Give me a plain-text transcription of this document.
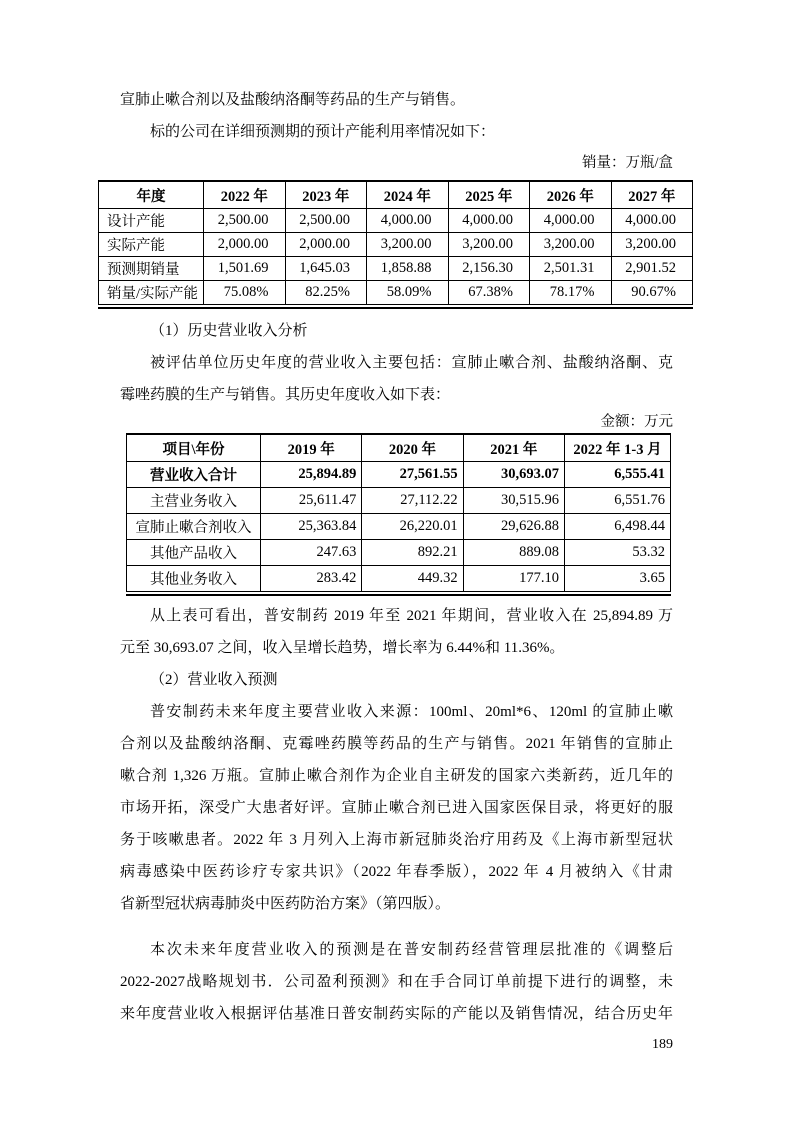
宣肺止嗽合剂以及盐酸纳洛酮等药品的生产与销售。

标的公司在详细预测期的预计产能利用率情况如下：

销量：万瓶/盒
年度	2022 年	2023 年	2024 年	2025 年	2026 年	2027 年
设计产能	2,500.00	2,500.00	4,000.00	4,000.00	4,000.00	4,000.00
实际产能	2,000.00	2,000.00	3,200.00	3,200.00	3,200.00	3,200.00
预测期销量	1,501.69	1,645.03	1,858.88	2,156.30	2,501.31	2,901.52
销量/实际产能	75.08%	82.25%	58.09%	67.38%	78.17%	90.67%

（1）历史营业收入分析

被评估单位历史年度的营业收入主要包括：宣肺止嗽合剂、盐酸纳洛酮、克

霉唑药膜的生产与销售。其历史年度收入如下表：

金额：万元
项目\年份	2019 年	2020 年	2021 年	2022 年 1-3 月
营业收入合计	25,894.89	27,561.55	30,693.07	6,555.41
主营业务收入	25,611.47	27,112.22	30,515.96	6,551.76
宣肺止嗽合剂收入	25,363.84	26,220.01	29,626.88	6,498.44
其他产品收入	247.63	892.21	889.08	53.32
其他业务收入	283.42	449.32	177.10	3.65

从上表可看出，普安制药 2019 年至 2021 年期间，营业收入在 25,894.89 万

元至 30,693.07 之间，收入呈增长趋势，增长率为 6.44%和 11.36%。

（2）营业收入预测

普安制药未来年度主要营业收入来源：100ml、20ml*6、120ml 的宣肺止嗽

合剂以及盐酸纳洛酮、克霉唑药膜等药品的生产与销售。2021 年销售的宣肺止

嗽合剂 1,326 万瓶。宣肺止嗽合剂作为企业自主研发的国家六类新药，近几年的

市场开拓，深受广大患者好评。宣肺止嗽合剂已进入国家医保目录，将更好的服

务于咳嗽患者。2022 年 3 月列入上海市新冠肺炎治疗用药及《上海市新型冠状

病毒感染中医药诊疗专家共识》（2022 年春季版），2022 年 4 月被纳入《甘肃

省新型冠状病毒肺炎中医药防治方案》（第四版）。

本次未来年度营业收入的预测是在普安制药经营管理层批准的《调整后

2022-2027战略规划书．公司盈利预测》和在手合同订单前提下进行的调整，未

来年度营业收入根据评估基准日普安制药实际的产能以及销售情况，结合历史年

189
